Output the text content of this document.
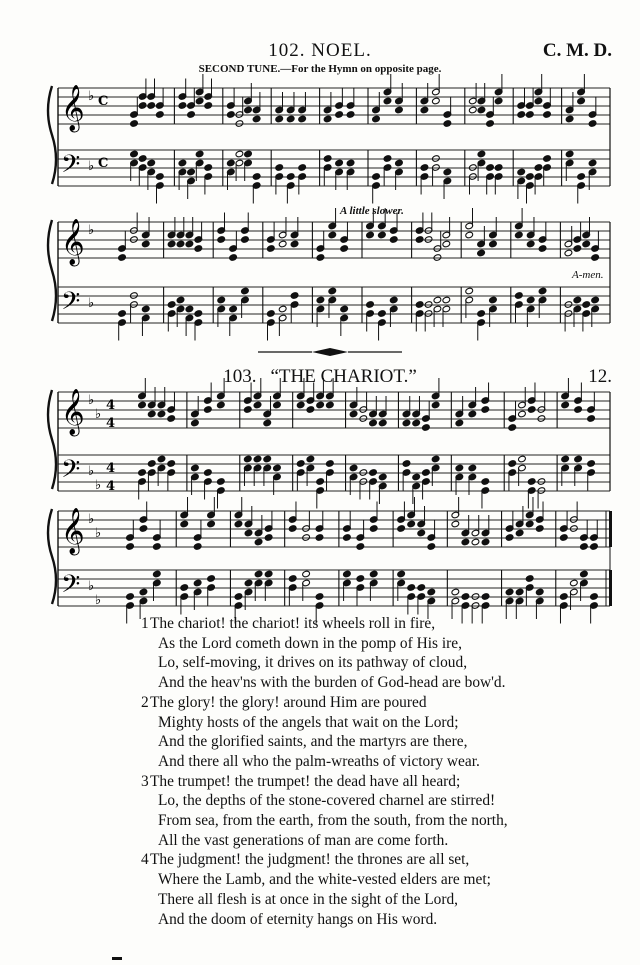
102. NOEL.	C. M. D.
SECOND TUNE.—For the Hymn on opposite page.
A little slower.
A-men.
103. “THE CHARIOT.”	12.
𝄞
𝄢
♭
♭
C
C
𝄞
𝄢
♭
♭
𝄞
𝄢
♭
♭
♭
♭
4
4
4
4
𝄞
𝄢
♭
♭
♭
♭
1 The chariot! the chariot! its wheels roll in fire,
As the Lord cometh down in the pomp of His ire,
Lo, self-moving, it drives on its pathway of cloud,
And the heav'ns with the burden of God-head are bow'd.
2 The glory! the glory! around Him are poured
Mighty hosts of the angels that wait on the Lord;
And the glorified saints, and the martyrs are there,
And there all who the palm-wreaths of victory wear.
3 The trumpet! the trumpet! the dead have all heard;
Lo, the depths of the stone-covered charnel are stirred!
From sea, from the earth, from the south, from the north,
All the vast generations of man are come forth.
4 The judgment! the judgment! the thrones are all set,
Where the Lamb, and the white-vested elders are met;
There all flesh is at once in the sight of the Lord,
And the doom of eternity hangs on His word.
